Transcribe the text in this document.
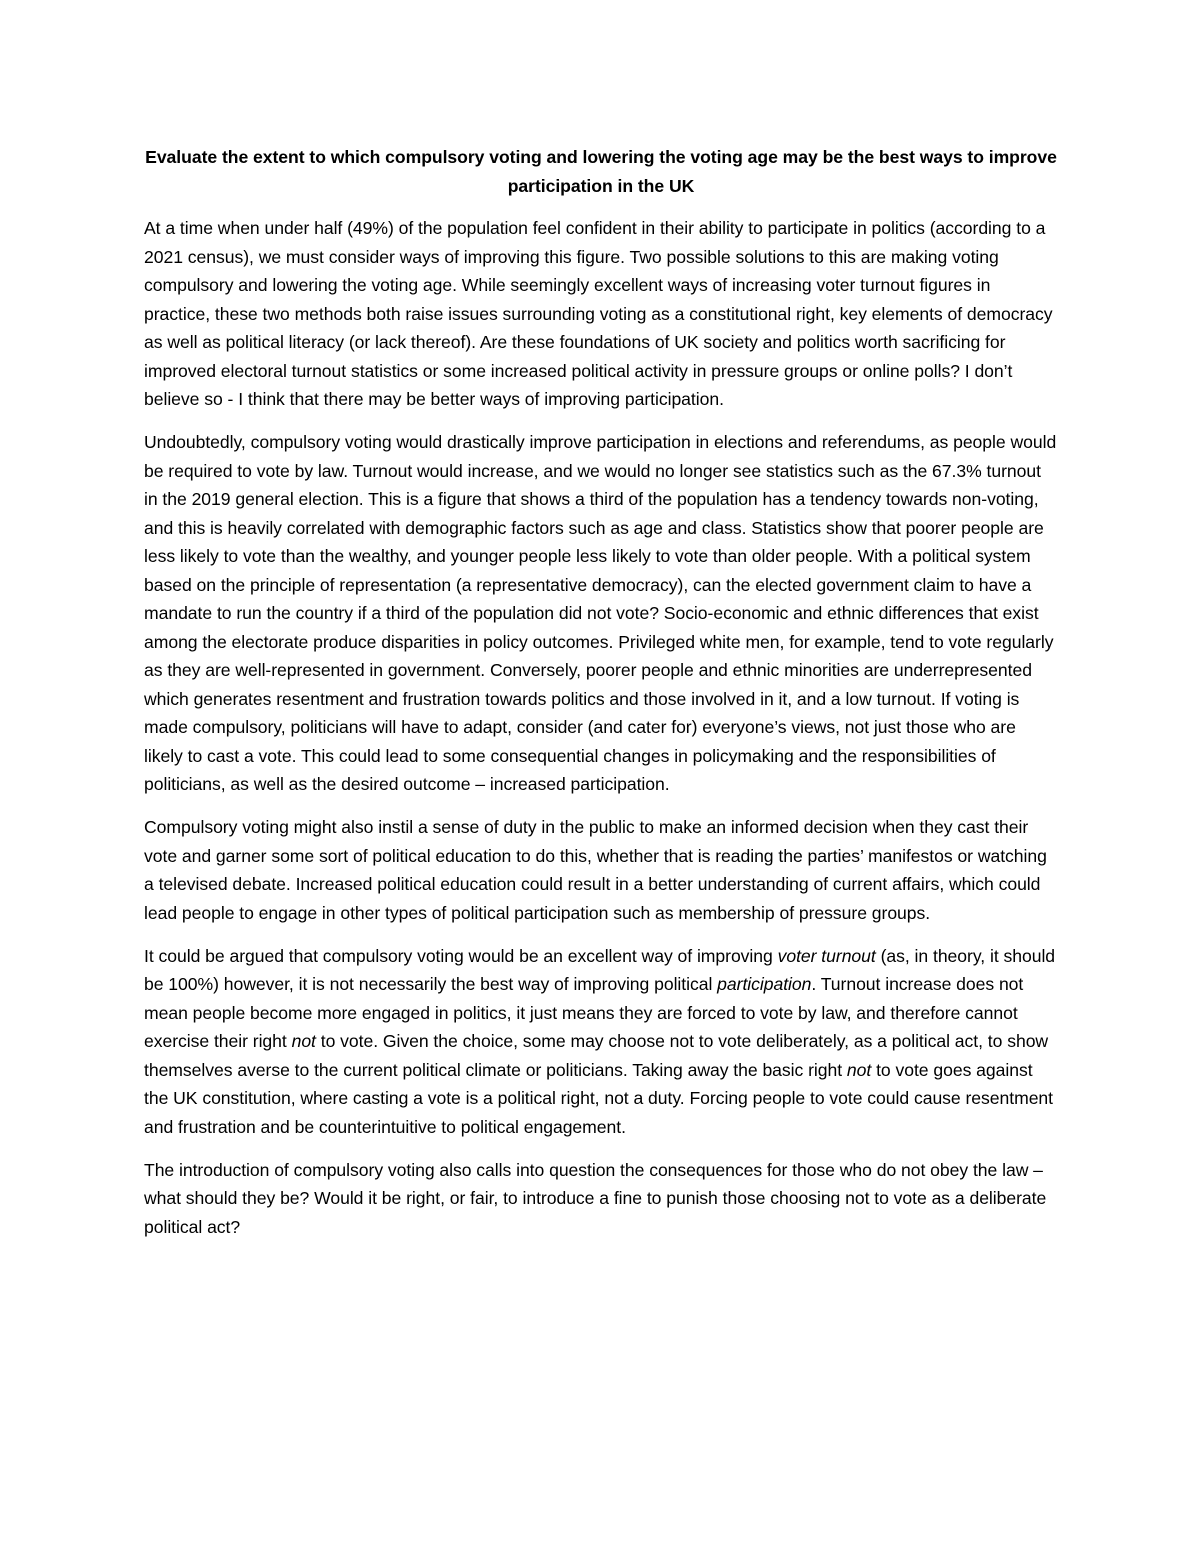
Evaluate the extent to which compulsory voting and lowering the voting age may be the best ways to improve participation in the UK

At a time when under half (49%) of the population feel confident in their ability to participate in politics (according to a 2021 census), we must consider ways of improving this figure. Two possible solutions to this are making voting compulsory and lowering the voting age. While seemingly excellent ways of increasing voter turnout figures in practice, these two methods both raise issues surrounding voting as a constitutional right, key elements of democracy as well as political literacy (or lack thereof). Are these foundations of UK society and politics worth sacrificing for improved electoral turnout statistics or some increased political activity in pressure groups or online polls? I don’t believe so - I think that there may be better ways of improving participation.

Undoubtedly, compulsory voting would drastically improve participation in elections and referendums, as people would be required to vote by law. Turnout would increase, and we would no longer see statistics such as the 67.3% turnout in the 2019 general election. This is a figure that shows a third of the population has a tendency towards non-voting, and this is heavily correlated with demographic factors such as age and class. Statistics show that poorer people are less likely to vote than the wealthy, and younger people less likely to vote than older people. With a political system based on the principle of representation (a representative democracy), can the elected government claim to have a mandate to run the country if a third of the population did not vote? Socio-economic and ethnic differences that exist among the electorate produce disparities in policy outcomes. Privileged white men, for example, tend to vote regularly as they are well-represented in government. Conversely, poorer people and ethnic minorities are underrepresented which generates resentment and frustration towards politics and those involved in it, and a low turnout. If voting is made compulsory, politicians will have to adapt, consider (and cater for) everyone’s views, not just those who are likely to cast a vote. This could lead to some consequential changes in policymaking and the responsibilities of politicians, as well as the desired outcome – increased participation.

Compulsory voting might also instil a sense of duty in the public to make an informed decision when they cast their vote and garner some sort of political education to do this, whether that is reading the parties’ manifestos or watching a televised debate. Increased political education could result in a better understanding of current affairs, which could lead people to engage in other types of political participation such as membership of pressure groups.

It could be argued that compulsory voting would be an excellent way of improving voter turnout (as, in theory, it should be 100%) however, it is not necessarily the best way of improving political participation. Turnout increase does not mean people become more engaged in politics, it just means they are forced to vote by law, and therefore cannot exercise their right not to vote. Given the choice, some may choose not to vote deliberately, as a political act, to show themselves averse to the current political climate or politicians. Taking away the basic right not to vote goes against the UK constitution, where casting a vote is a political right, not a duty. Forcing people to vote could cause resentment and frustration and be counterintuitive to political engagement.

The introduction of compulsory voting also calls into question the consequences for those who do not obey the law – what should they be? Would it be right, or fair, to introduce a fine to punish those choosing not to vote as a deliberate political act?
